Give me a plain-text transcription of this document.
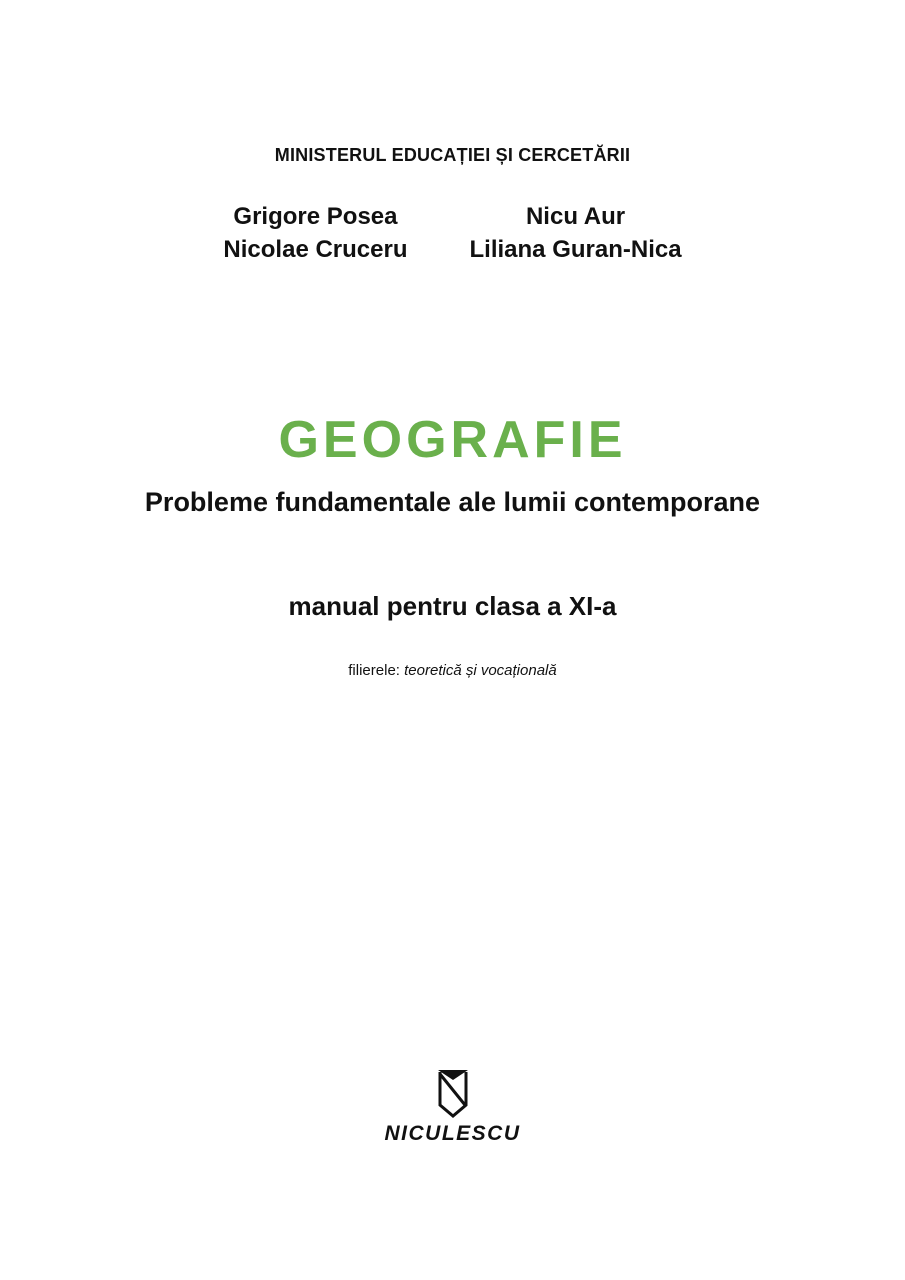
MINISTERUL EDUCAȚIEI ȘI CERCETĂRII
Grigore Posea
Nicolae Cruceru
Nicu Aur
Liliana Guran-Nica
GEOGRAFIE
Probleme fundamentale ale lumii contemporane
manual pentru clasa a XI-a
filierele: teoretică și vocațională
NICULESCU
